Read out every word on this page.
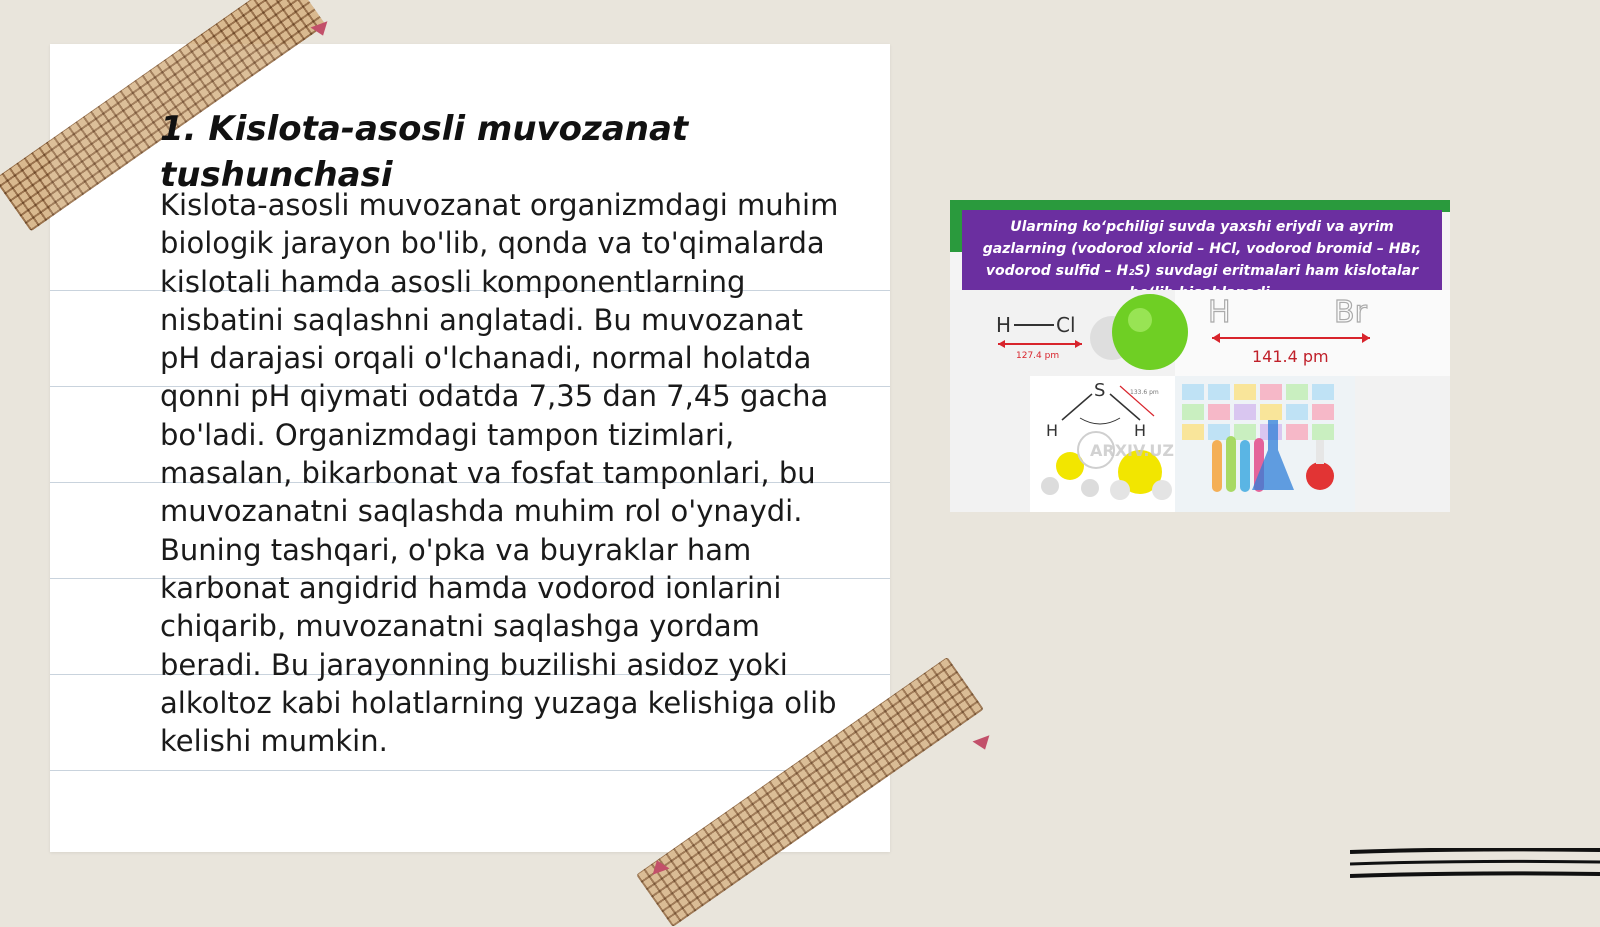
1. Kislota-asosli muvozanat tushunchasi

Kislota-asosli muvozanat organizmdagi muhim biologik jarayon bo'lib, qonda va to'qimalarda kislotali hamda asosli komponentlarning nisbatini saqlashni anglatadi. Bu muvozanat pH darajasi orqali o'lchanadi, normal holatda qonni pH qiymati odatda 7,35 dan 7,45 gacha bo'ladi. Organizmdagi tampon tizimlari, masalan, bikarbonat va fosfat tamponlari, bu muvozanatni saqlashda muhim rol o'ynaydi. Buning tashqari, o'pka va buyraklar ham karbonat angidrid hamda vodorod ionlarini chiqarib, muvozanatni saqlashga yordam beradi. Bu jarayonning buzilishi asidoz yoki alkoltoz kabi holatlarning yuzaga kelishiga olib kelishi mumkin.

Ularning ko‘pchiligi suvda yaxshi eriydi va ayrim gazlarning (vodorod xlorid – HCl, vodorod bromid – HBr, vodorod sulfid – H₂S) suvdagi eritmalari ham kislotalar
H Cl
127.4 pm
H	Br
141.4 pm
S
H	H
133.6 pm
ARXIV.UZ
